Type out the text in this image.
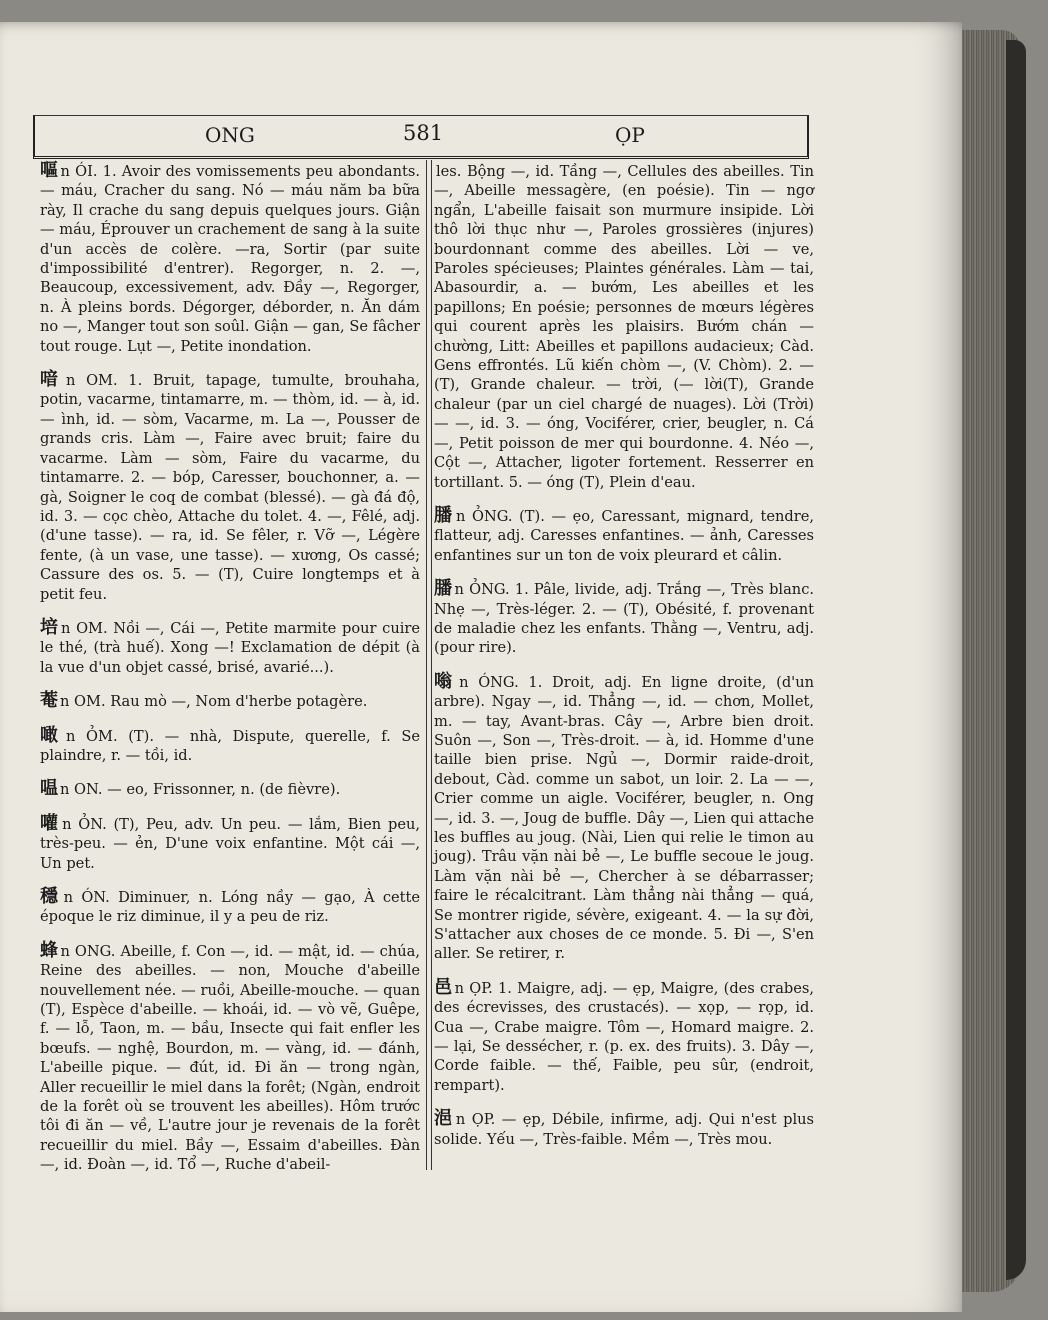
ONG	581	ỌP

嘔 n ÓI. 1. Avoir des vomissements peu abondants. — máu, Cracher du sang. Nó — máu năm ba bữa rày, Il crache du sang depuis quelques jours. Giận — máu, Éprouver un crachement de sang à la suite d'un accès de colère. —ra, Sortir (par suite d'impossibilité d'entrer). Regorger, n. 2. —, Beaucoup, excessivement, adv. Đầy —, Regorger, n. À pleins bords. Dégorger, déborder, n. Ăn dám no —, Manger tout son soûl. Giận — gan, Se fâcher tout rouge. Lụt —, Petite inondation.

喑 n OM. 1. Bruit, tapage, tumulte, brouhaha, potin, vacarme, tintamarre, m. — thòm, id. — à, id. — ình, id. — sòm, Vacarme, m. La —, Pousser de grands cris. Làm —, Faire avec bruit; faire du vacarme. Làm — sòm, Faire du vacarme, du tintamarre. 2. — bóp, Caresser, bouchonner, a. — gà, Soigner le coq de combat (blessé). — gà đá độ, id. 3. — cọc chèo, Attache du tolet. 4. —, Fêlé, adj. (d'une tasse). — ra, id. Se fêler, r. Vỡ —, Légère fente, (à un vase, une tasse). — xương, Os cassé; Cassure des os. 5. — (T), Cuire longtemps et à petit feu.

培 n OM. Nồi —, Cái —, Petite marmite pour cuire le thé, (trà huế). Xong —! Exclamation de dépit (à la vue d'un objet cassé, brisé, avarié...).

菴 n OM. Rau mò —, Nom d'herbe potagère.

噉 n ỎM. (T). — nhà, Dispute, querelle, f. Se plaindre, r. — tồi, id.

嗢 n ON. — eo, Frissonner, n. (de fièvre).

嚾 n ỎN. (T), Peu, adv. Un peu. — lắm, Bien peu, très-peu. — ẻn, D'une voix enfantine. Một cái —, Un pet.

穩 n ÓN. Diminuer, n. Lóng nầy — gạo, À cette époque le riz diminue, il y a peu de riz.

蜂 n ONG. Abeille, f. Con —, id. — mật, id. — chúa, Reine des abeilles. — non, Mouche d'abeille nouvellement née. — ruồi, Abeille-mouche. — quan (T), Espèce d'abeille. — khoái, id. — vò vẽ, Guêpe, f. — lỗ, Taon, m. — bầu, Insecte qui fait enfler les bœufs. — nghệ, Bourdon, m. — vàng, id. — đánh, L'abeille pique. — đút, id. Đi ăn — trong ngàn, Aller recueillir le miel dans la forêt; (Ngàn, endroit de la forêt où se trouvent les abeilles). Hôm trước tôi đi ăn — về, L'autre jour je revenais de la forêt recueillir du miel. Bầy —, Essaim d'abeilles. Đàn —, id. Đoàn —, id. Tổ —, Ruche d'abeil-

les. Bộng —, id. Tầng —, Cellules des abeilles. Tin —, Abeille messagère, (en poésie). Tin — ngơ ngẩn, L'abeille faisait son murmure insipide. Lời thô lời thục như —, Paroles grossières (injures) bourdonnant comme des abeilles. Lời — ve, Paroles spécieuses; Plaintes générales. Làm — tai, Abasourdir, a. — bướm, Les abeilles et les papillons; En poésie; personnes de mœurs légères qui courent après les plaisirs. Bướm chán — chường, Litt: Abeilles et papillons audacieux; Càd. Gens effrontés. Lũ kiến chòm —, (V. Chòm). 2. —(T), Grande chaleur. — trời, (— lời(T), Grande chaleur (par un ciel chargé de nuages). Lời (Trời) — —, id. 3. — óng, Vociférer, crier, beugler, n. Cá —, Petit poisson de mer qui bourdonne. 4. Néo —, Cột —, Attacher, ligoter fortement. Resserrer en tortillant. 5. — óng (T), Plein d'eau.

膰 n ỎNG. (T). — ẹo, Caressant, mignard, tendre, flatteur, adj. Caresses enfantines. — ảnh, Caresses enfantines sur un ton de voix pleurard et câlin.

膰 n ỎNG. 1. Pâle, livide, adj. Trắng —, Très blanc. Nhẹ —, Très-léger. 2. — (T), Obésité, f. provenant de maladie chez les enfants. Thằng —, Ventru, adj. (pour rire).

嗡 n ÓNG. 1. Droit, adj. En ligne droite, (d'un arbre). Ngay —, id. Thẳng —, id. — chơn, Mollet, m. — tay, Avant-bras. Cây —, Arbre bien droit. Suôn —, Son —, Très-droit. — à, id. Homme d'une taille bien prise. Ngủ —, Dormir raide-droit, debout, Càd. comme un sabot, un loir. 2. La — —, Crier comme un aigle. Vociférer, beugler, n. Ong —, id. 3. —, Joug de buffle. Dây —, Lien qui attache les buffles au joug. (Nài, Lien qui relie le timon au joug). Trâu vặn nài bẻ —, Le buffle secoue le joug. Làm vặn nài bẻ —, Chercher à se débarrasser; faire le récalcitrant. Làm thẳng nài thẳng — quá, Se montrer rigide, sévère, exigeant. 4. — la sự đời, S'attacher aux choses de ce monde. 5. Đi —, S'en aller. Se retirer, r.

邑 n ỌP. 1. Maigre, adj. — ẹp, Maigre, (des crabes, des écrevisses, des crustacés). — xọp, — rọp, id. Cua —, Crabe maigre. Tôm —, Homard maigre. 2. — lại, Se dessécher, r. (p. ex. des fruits). 3. Dây —, Corde faible. — thế, Faible, peu sûr, (endroit, rempart).

浥 n ỌP. — ẹp, Débile, infirme, adj. Qui n'est plus solide. Yếu —, Très-faible. Mềm —, Très mou.
